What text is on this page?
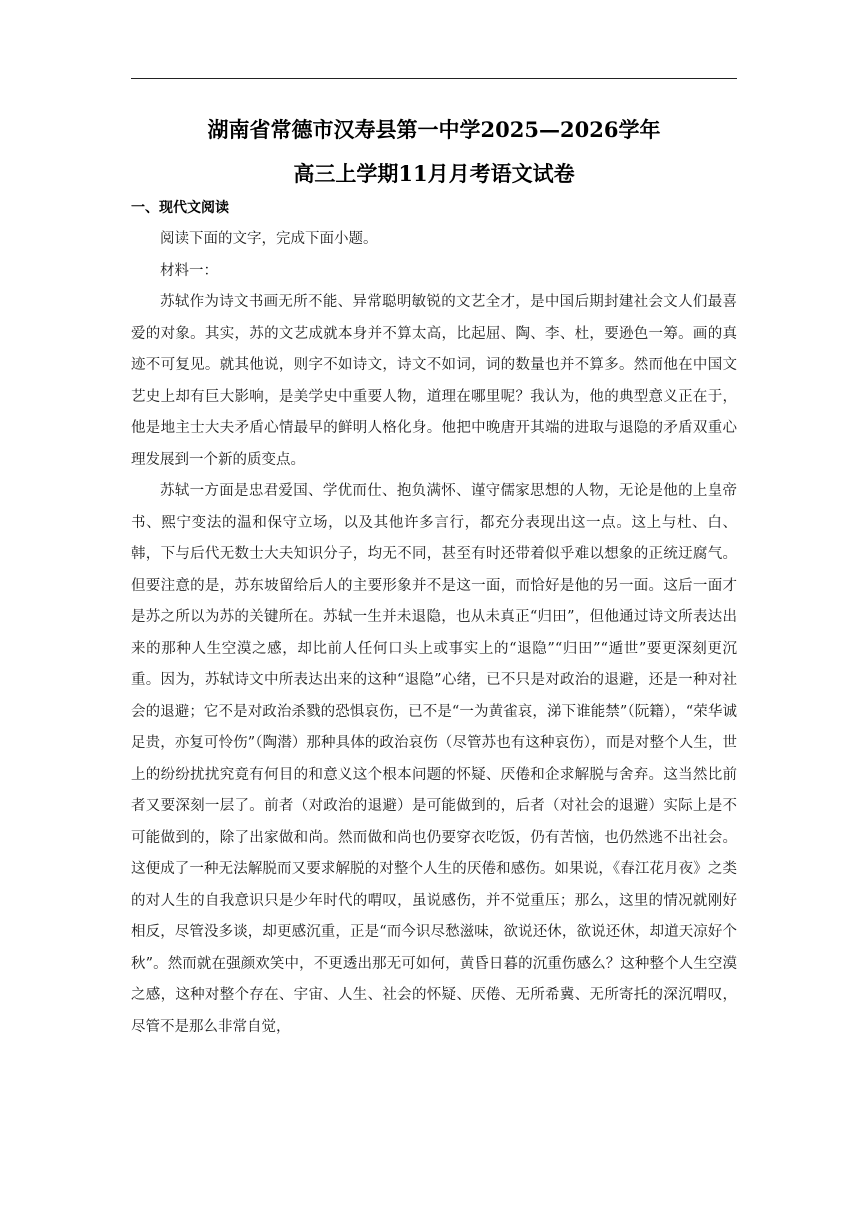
湖南省常德市汉寿县第一中学2025—2026学年
高三上学期11月月考语文试卷
一、现代文阅读

阅读下面的文字，完成下面小题。

材料一：

苏轼作为诗文书画无所不能、异常聪明敏锐的文艺全才，是中国后期封建社会文人们最喜爱的对象。其实，苏的文艺成就本身并不算太高，比起屈、陶、李、杜，要逊色一筹。画的真迹不可复见。就其他说，则字不如诗文，诗文不如词，词的数量也并不算多。然而他在中国文艺史上却有巨大影响，是美学史中重要人物，道理在哪里呢？我认为，他的典型意义正在于，他是地主士大夫矛盾心情最早的鲜明人格化身。他把中晚唐开其端的进取与退隐的矛盾双重心理发展到一个新的质变点。

苏轼一方面是忠君爱国、学优而仕、抱负满怀、谨守儒家思想的人物，无论是他的上皇帝书、熙宁变法的温和保守立场，以及其他许多言行，都充分表现出这一点。这上与杜、白、韩，下与后代无数士大夫知识分子，均无不同，甚至有时还带着似乎难以想象的正统迂腐气。但要注意的是，苏东坡留给后人的主要形象并不是这一面，而恰好是他的另一面。这后一面才是苏之所以为苏的关键所在。苏轼一生并未退隐，也从未真正“归田”，但他通过诗文所表达出来的那种人生空漠之感，却比前人任何口头上或事实上的“退隐”“归田”“遁世”要更深刻更沉重。因为，苏轼诗文中所表达出来的这种“退隐”心绪，已不只是对政治的退避，还是一种对社会的退避；它不是对政治杀戮的恐惧哀伤，已不是“一为黄雀哀，涕下谁能禁”（阮籍），“荣华诚足贵，亦复可怜伤”（陶潜）那种具体的政治哀伤（尽管苏也有这种哀伤），而是对整个人生，世上的纷纷扰扰究竟有何目的和意义这个根本问题的怀疑、厌倦和企求解脱与舍弃。这当然比前者又要深刻一层了。前者（对政治的退避）是可能做到的，后者（对社会的退避）实际上是不可能做到的，除了出家做和尚。然而做和尚也仍要穿衣吃饭，仍有苦恼，也仍然逃不出社会。这便成了一种无法解脱而又要求解脱的对整个人生的厌倦和感伤。如果说，《春江花月夜》之类的对人生的自我意识只是少年时代的喟叹，虽说感伤，并不觉重压；那么，这里的情况就刚好相反，尽管没多谈，却更感沉重，正是“而今识尽愁滋味，欲说还休，欲说还休，却道天凉好个秋”。然而就在强颜欢笑中，不更透出那无可如何，黄昏日暮的沉重伤感么？这种整个人生空漠之感，这种对整个存在、宇宙、人生、社会的怀疑、厌倦、无所希冀、无所寄托的深沉喟叹，尽管不是那么非常自觉，
